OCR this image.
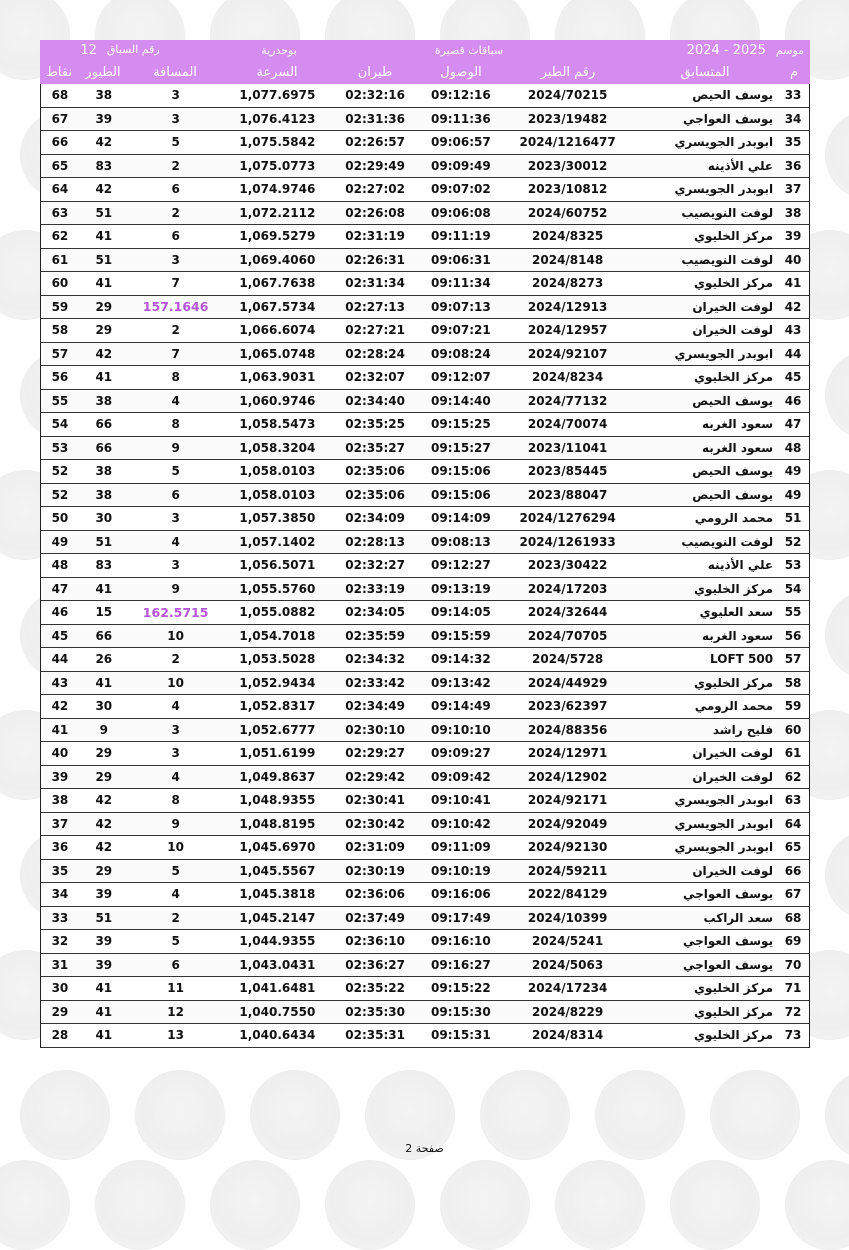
موسم
2025 - 2024
سباقات قصيرة
بوحدرية
رقم السباق
12
م
المتسابق
رقم الطير
الوصول
طيران
السرعة
المسافة
الطيور
نقاط
33
يوسف الحيص
2024/70215
09:12:16
02:32:16
1,077.6975
3
38
68
34
يوسف العواجي
2023/19482
09:11:36
02:31:36
1,076.4123
3
39
67
35
ابوبدر الجويسري
2024/1216477
09:06:57
02:26:57
1,075.5842
5
42
66
36
علي الأذينه
2023/30012
09:09:49
02:29:49
1,075.0773
2
83
65
37
ابوبدر الجويسري
2023/10812
09:07:02
02:27:02
1,074.9746
6
42
64
38
لوفت النويصيب
2024/60752
09:06:08
02:26:08
1,072.2112
2
51
63
39
مركز الخليوي
2024/8325
09:11:19
02:31:19
1,069.5279
6
41
62
40
لوفت النويصيب
2024/8148
09:06:31
02:26:31
1,069.4060
3
51
61
41
مركز الخليوي
2024/8273
09:11:34
02:31:34
1,067.7638
7
41
60
42
لوفت الخيران
2024/12913
09:07:13
02:27:13
1,067.5734
157.1646
29
59
43
لوفت الخيران
2024/12957
09:07:21
02:27:21
1,066.6074
2
29
58
44
ابوبدر الجويسري
2024/92107
09:08:24
02:28:24
1,065.0748
7
42
57
45
مركز الخليوي
2024/8234
09:12:07
02:32:07
1,063.9031
8
41
56
46
يوسف الحيص
2024/77132
09:14:40
02:34:40
1,060.9746
4
38
55
47
سعود الغربه
2024/70074
09:15:25
02:35:25
1,058.5473
8
66
54
48
سعود الغربه
2023/11041
09:15:27
02:35:27
1,058.3204
9
66
53
49
يوسف الحيص
2023/85445
09:15:06
02:35:06
1,058.0103
5
38
52
49
يوسف الحيص
2023/88047
09:15:06
02:35:06
1,058.0103
6
38
52
51
محمد الرومي
2024/1276294
09:14:09
02:34:09
1,057.3850
3
30
50
52
لوفت النويصيب
2024/1261933
09:08:13
02:28:13
1,057.1402
4
51
49
53
علي الأذينه
2023/30422
09:12:27
02:32:27
1,056.5071
3
83
48
54
مركز الخليوي
2024/17203
09:13:19
02:33:19
1,055.5760
9
41
47
55
سعد العليوي
2024/32644
09:14:05
02:34:05
1,055.0882
162.5715
15
46
56
سعود الغربه
2024/70705
09:15:59
02:35:59
1,054.7018
10
66
45
57
LOFT 500
2024/5728
09:14:32
02:34:32
1,053.5028
2
26
44
58
مركز الخليوي
2024/44929
09:13:42
02:33:42
1,052.9434
10
41
43
59
محمد الرومي
2023/62397
09:14:49
02:34:49
1,052.8317
4
30
42
60
فليح راشد
2024/88356
09:10:10
02:30:10
1,052.6777
3
9
41
61
لوفت الخيران
2024/12971
09:09:27
02:29:27
1,051.6199
3
29
40
62
لوفت الخيران
2024/12902
09:09:42
02:29:42
1,049.8637
4
29
39
63
ابوبدر الجويسري
2024/92171
09:10:41
02:30:41
1,048.9355
8
42
38
64
ابوبدر الجويسري
2024/92049
09:10:42
02:30:42
1,048.8195
9
42
37
65
ابوبدر الجويسري
2024/92130
09:11:09
02:31:09
1,045.6970
10
42
36
66
لوفت الخيران
2024/59211
09:10:19
02:30:19
1,045.5567
5
29
35
67
يوسف العواجي
2022/84129
09:16:06
02:36:06
1,045.3818
4
39
34
68
سعد الراكب
2024/10399
09:17:49
02:37:49
1,045.2147
2
51
33
69
يوسف العواجي
2024/5241
09:16:10
02:36:10
1,044.9355
5
39
32
70
يوسف العواجي
2024/5063
09:16:27
02:36:27
1,043.0431
6
39
31
71
مركز الخليوي
2024/17234
09:15:22
02:35:22
1,041.6481
11
41
30
72
مركز الخليوي
2024/8229
09:15:30
02:35:30
1,040.7550
12
41
29
73
مركز الخليوي
2024/8314
09:15:31
02:35:31
1,040.6434
13
41
28
صفحة 2
